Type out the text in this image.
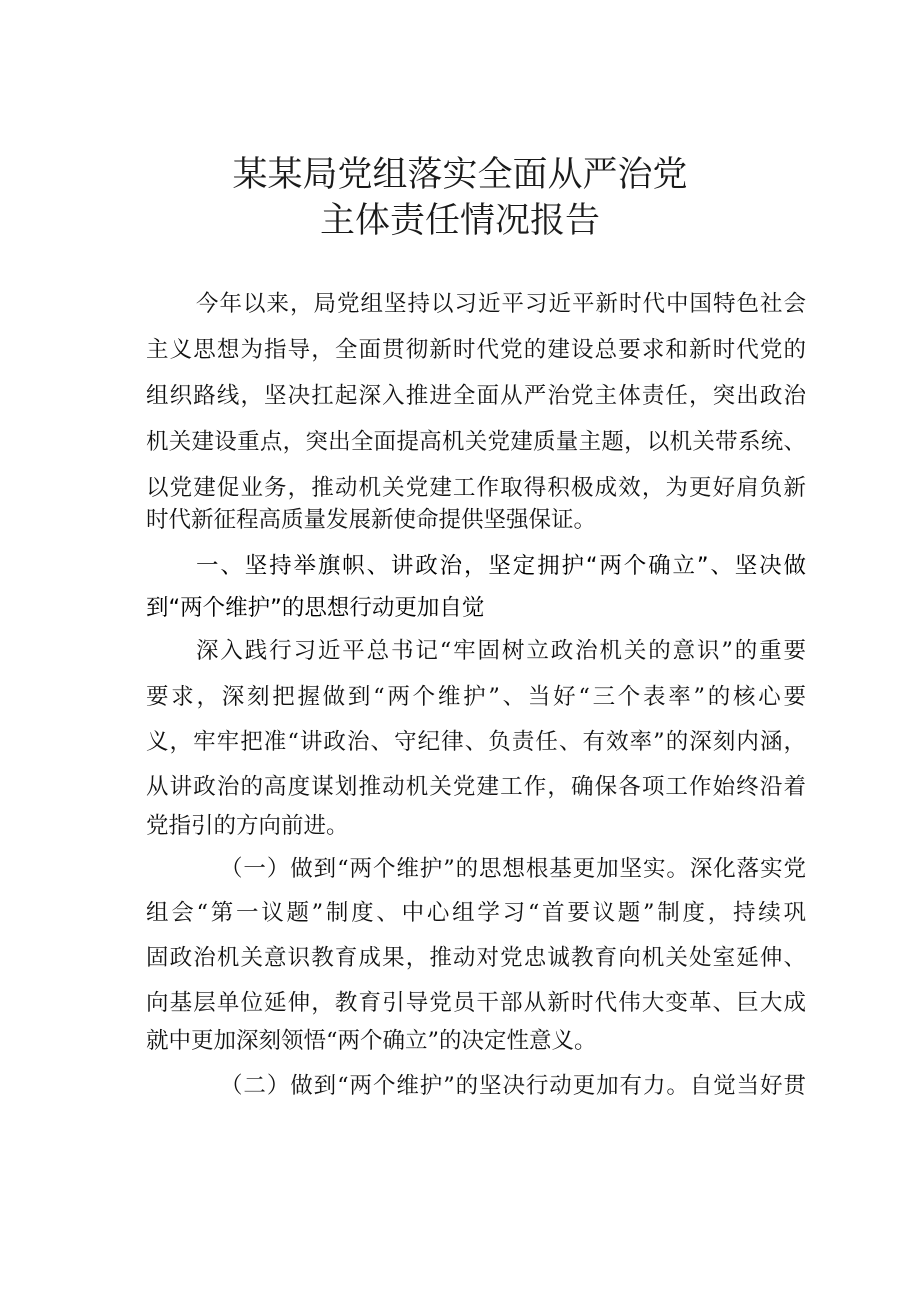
某某局党组落实全面从严治党
主体责任情况报告
今年以来，局党组坚持以习近平习近平新时代中国特色社会
主义思想为指导，全面贯彻新时代党的建设总要求和新时代党的
组织路线，坚决扛起深入推进全面从严治党主体责任，突出政治
机关建设重点，突出全面提高机关党建质量主题，以机关带系统、
以党建促业务，推动机关党建工作取得积极成效，为更好肩负新
时代新征程高质量发展新使命提供坚强保证。
一、坚持举旗帜、讲政治，坚定拥护“两个确立”、坚决做
到“两个维护”的思想行动更加自觉
深入践行习近平总书记“牢固树立政治机关的意识”的重要
要求，深刻把握做到“两个维护”、当好“三个表率”的核心要
义，牢牢把准“讲政治、守纪律、负责任、有效率”的深刻内涵，
从讲政治的高度谋划推动机关党建工作，确保各项工作始终沿着
党指引的方向前进。
（一）做到“两个维护”的思想根基更加坚实。深化落实党
组会“第一议题”制度、中心组学习“首要议题”制度，持续巩
固政治机关意识教育成果，推动对党忠诚教育向机关处室延伸、
向基层单位延伸，教育引导党员干部从新时代伟大变革、巨大成
就中更加深刻领悟“两个确立”的决定性意义。
（二）做到“两个维护”的坚决行动更加有力。自觉当好贯
